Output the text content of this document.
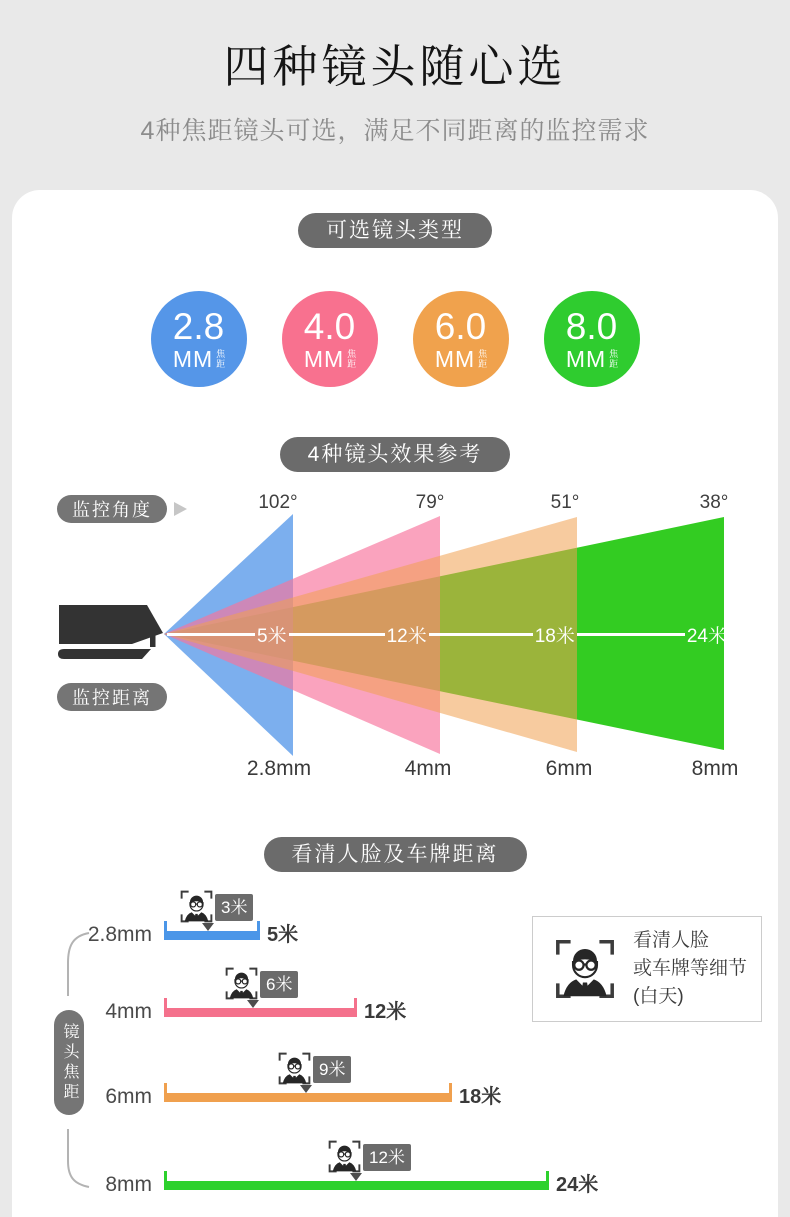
四种镜头随心选
4种焦距镜头可选，满足不同距离的监控需求
可选镜头类型
2.8
MM 焦距
4.0
MM 焦距
6.0
MM 焦距
8.0
MM 焦距
4种镜头效果参考
监控角度
监控距离
102°	79°	51°	38°
5米	12米	18米	24米
2.8mm	4mm	6mm	8mm
看清人脸及车牌距离
镜头焦距
2.8mm
3米
5米
4mm
6米
12米
6mm
9米
18米
8mm
12米
24米
看清人脸
或车牌等细节
(白天)
